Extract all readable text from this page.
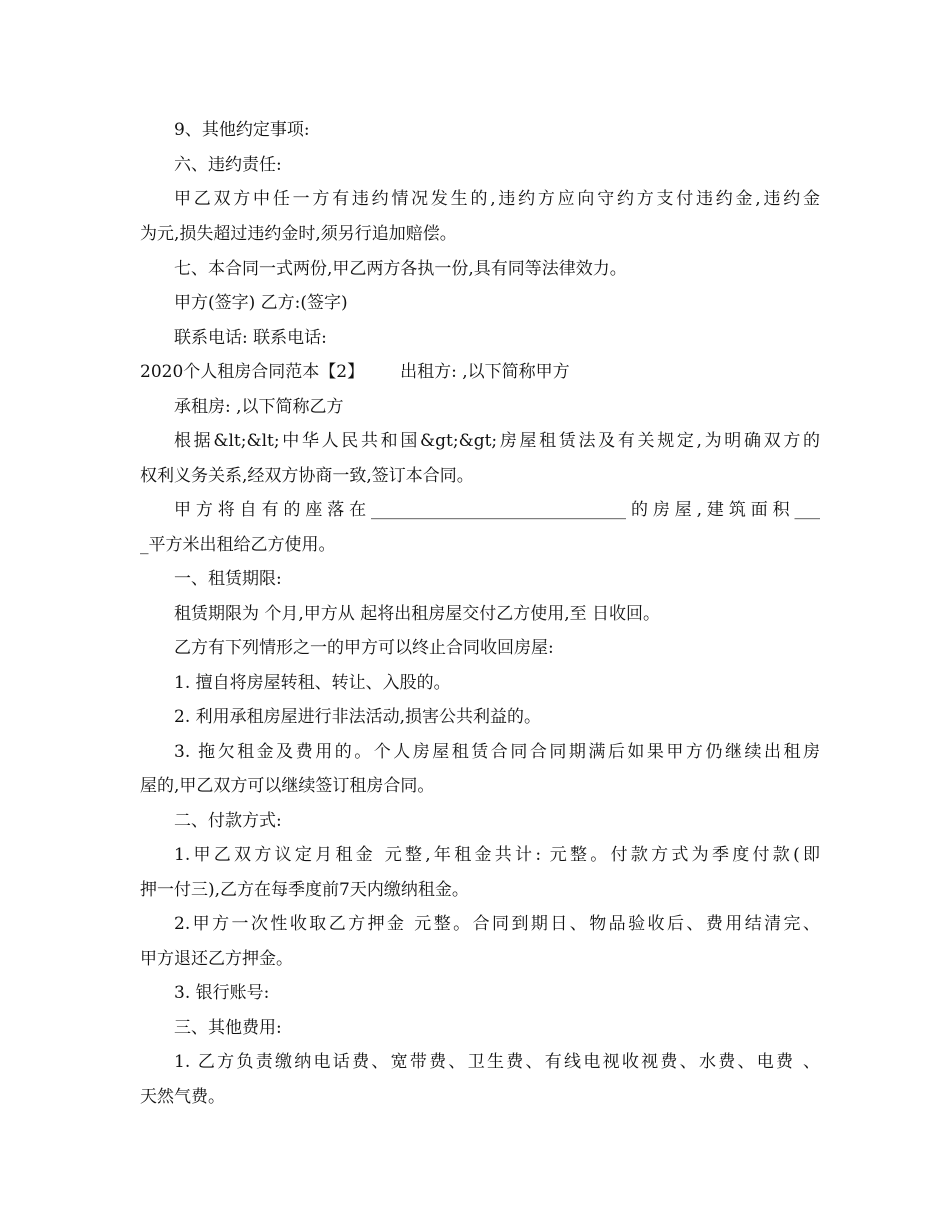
9、其他约定事项:
六、违约责任:
甲乙双方中任一方有违约情况发生的,违约方应向守约方支付违约金,违约金
为元,损失超过违约金时,须另行追加赔偿。
七、本合同一式两份,甲乙两方各执一份,具有同等法律效力。
甲方(签字) 乙方:(签字)
联系电话: 联系电话:
2020个人租房合同范本【2】 出租方: ,以下简称甲方
承租房: ,以下简称乙方
根据&lt;&lt;中华人民共和国&gt;&gt;房屋租赁法及有关规定,为明确双方的
权利义务关系,经双方协商一致,签订本合同。
甲方将自有的座落在______________________________的房屋,建筑面积___
_平方米出租给乙方使用。
一、租赁期限:
租赁期限为 个月,甲方从 起将出租房屋交付乙方使用,至 日收回。
乙方有下列情形之一的甲方可以终止合同收回房屋:
1. 擅自将房屋转租、转让、入股的。
2. 利用承租房屋进行非法活动,损害公共利益的。
3. 拖欠租金及费用的。个人房屋租赁合同合同期满后如果甲方仍继续出租房
屋的,甲乙双方可以继续签订租房合同。
二、付款方式:
1.甲乙双方议定月租金 元整,年租金共计: 元整。付款方式为季度付款(即
押一付三),乙方在每季度前7天内缴纳租金。
2.甲方一次性收取乙方押金 元整。合同到期日、物品验收后、费用结清完、
甲方退还乙方押金。
3. 银行账号:
三、其他费用:
1. 乙方负责缴纳电话费、宽带费、卫生费、有线电视收视费、水费、电费 、
天然气费。
